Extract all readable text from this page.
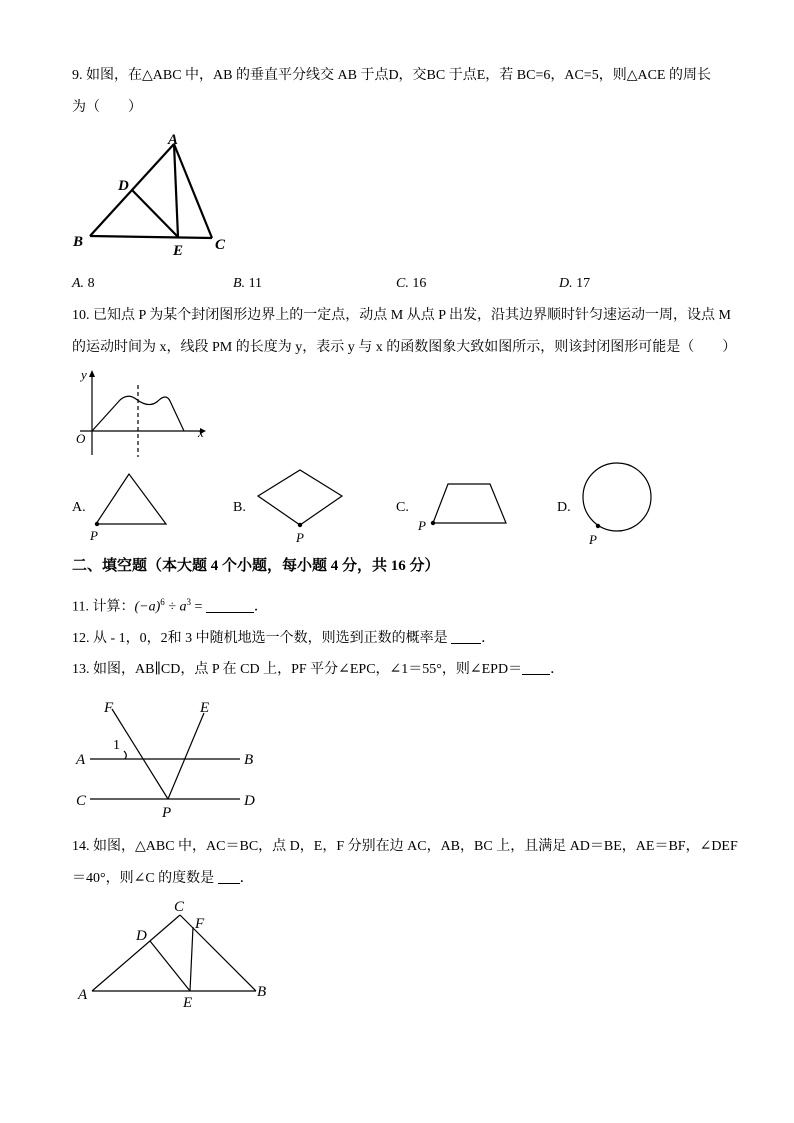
9. 如图，在△ABC 中，AB 的垂直平分线交 AB 于点D，交BC 于点E，若 BC=6，AC=5，则△ACE 的周长
为（　　）
A
D
B
E C
A. 8	B. 11	C. 16	D. 17
10. 已知点 P 为某个封闭图形边界上的一定点，动点 M 从点 P 出发，沿其边界顺时针匀速运动一周，设点 M
的运动时间为 x，线段 PM 的长度为 y，表示 y 与 x 的函数图象大致如图所示，则该封闭图形可能是（　　）
y
x
O
A.
P
B.
P
C.
P
D.
P
二、填空题（本大题 4 个小题，每小题 4 分，共 16 分）
11. 计算：$(-a)^6 \div a^3$ =	．
12. 从 - 1，0，2和 3 中随机地选一个数，则选到正数的概率是 ．
13. 如图，AB∥CD，点 P 在 CD 上，PF 平分∠EPC，∠1＝55°，则∠EPD＝ ．
F	E
A	B
C	D
P
1
14. 如图，△ABC 中，AC＝BC，点 D，E，F 分别在边 AC，AB，BC 上，且满足 AD＝BE，AE＝BF，∠DEF
＝40°，则∠C 的度数是 ．
C
D
F
A	E
B
